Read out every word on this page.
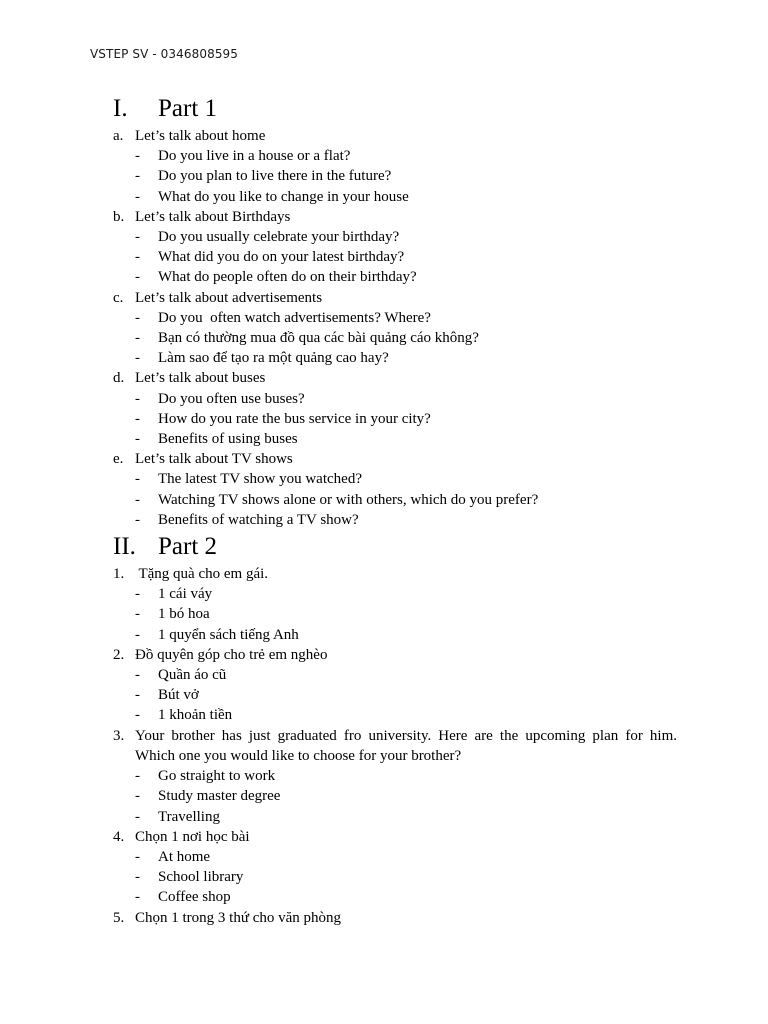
VSTEP SV - 0346808595
I.	Part 1
a. Let’s talk about home
-	Do you live in a house or a flat?
-	Do you plan to live there in the future?
-	What do you like to change in your house
b. Let’s talk about Birthdays
-	Do you usually celebrate your birthday?
-	What did you do on your latest birthday?
-	What do people often do on their birthday?
c. Let’s talk about advertisements
-	Do you  often watch advertisements? Where?
-	Bạn có thường mua đồ qua các bài quảng cáo không?
-	Làm sao để tạo ra một quảng cao hay?
d. Let’s talk about buses
-	Do you often use buses?
-	How do you rate the bus service in your city?
-	Benefits of using buses
e. Let’s talk about TV shows
-	The latest TV show you watched?
-	Watching TV shows alone or with others, which do you prefer?
-	Benefits of watching a TV show?
II. Part 2
1. Tặng quà cho em gái.
-	1 cái váy
-	1 bó hoa
-	1 quyển sách tiếng Anh
2. Đồ quyên góp cho trẻ em nghèo
-	Quần áo cũ
-	Bút vở
-	1 khoản tiền
3. Your brother has just graduated fro university. Here are the upcoming plan for him. Which one you would like to choose for your brother?
-	Go straight to work
-	Study master degree
-	Travelling
4. Chọn 1 nơi học bài
-	At home
-	School library
-	Coffee shop
5. Chọn 1 trong 3 thứ cho văn phòng
